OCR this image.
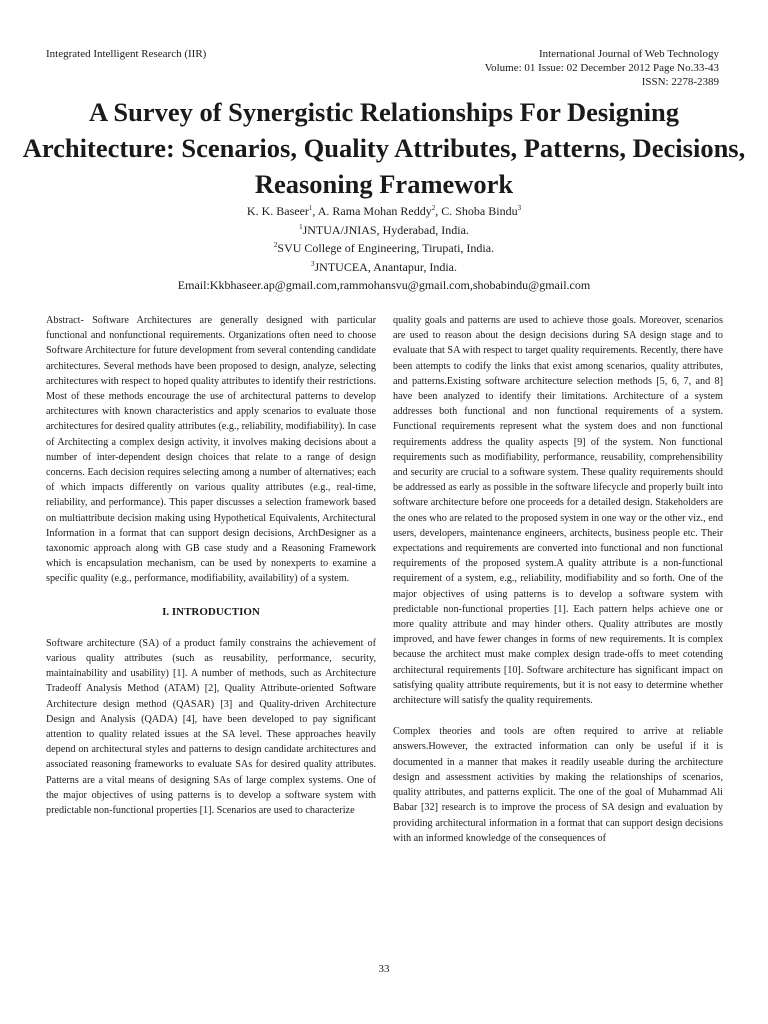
Integrated Intelligent Research (IIR)	International Journal of Web Technology
Volume: 01 Issue: 02 December 2012 Page No.33-43
ISSN: 2278-2389
A Survey of Synergistic Relationships For Designing Architecture: Scenarios, Quality Attributes, Patterns, Decisions, Reasoning Framework
K. K. Baseer$^1$, A. Rama Mohan Reddy$^2$, C. Shoba Bindu$^3$
$^1$JNTUA/JNIAS, Hyderabad, India.
$^2$SVU College of Engineering, Tirupati, India.
$^3$JNTUCEA, Anantapur, India.
Email:Kkbhaseer.ap@gmail.com,rammohansvu@gmail.com,shobabindu@gmail.com

Abstract- Software Architectures are generally designed with particular functional and nonfunctional requirements. Organizations often need to choose Software Architecture for future development from several contending candidate architectures. Several methods have been proposed to design, analyze, selecting architectures with respect to hoped quality attributes to identify their restrictions. Most of these methods encourage the use of architectural patterns to develop architectures with known characteristics and apply scenarios to evaluate those architectures for desired quality attributes (e.g., reliability, modifiability). In case of Architecting a complex design activity, it involves making decisions about a number of inter-dependent design choices that relate to a range of design concerns. Each decision requires selecting among a number of alternatives; each of which impacts differently on various quality attributes (e.g., real-time, reliability, and performance). This paper discusses a selection framework based on multiattribute decision making using Hypothetical Equivalents, Architectural Information in a format that can support design decisions, ArchDesigner as a taxonomic approach along with GB case study and a Reasoning Framework which is encapsulation mechanism, can be used by nonexperts to examine a specific quality (e.g., performance, modifiability, availability) of a system.

I. INTRODUCTION

Software architecture (SA) of a product family constrains the achievement of various quality attributes (such as reusability, performance, security, maintainability and usability) [1]. A number of methods, such as Architecture Tradeoff Analysis Method (ATAM) [2], Quality Attribute-oriented Software Architecture design method (QASAR) [3] and Quality-driven Architecture Design and Analysis (QADA) [4], have been developed to pay significant attention to quality related issues at the SA level. These approaches heavily depend on architectural styles and patterns to design candidate architectures and associated reasoning frameworks to evaluate SAs for desired quality attributes. Patterns are a vital means of designing SAs of large complex systems. One of the major objectives of using patterns is to develop a software system with predictable non-functional properties [1]. Scenarios are used to characterize

quality goals and patterns are used to achieve those goals. Moreover, scenarios are used to reason about the design decisions during SA design stage and to evaluate that SA with respect to target quality requirements. Recently, there have been attempts to codify the links that exist among scenarios, quality attributes, and patterns.Existing software architecture selection methods [5, 6, 7, and 8] have been analyzed to identify their limitations. Architecture of a system addresses both functional and non functional requirements of a system. Functional requirements represent what the system does and non functional requirements address the quality aspects [9] of the system. Non functional requirements such as modifiability, performance, reusability, comprehensibility and security are crucial to a software system. These quality requirements should be addressed as early as possible in the software lifecycle and properly built into software architecture before one proceeds for a detailed design. Stakeholders are the ones who are related to the proposed system in one way or the other viz., end users, developers, maintenance engineers, architects, business people etc. Their expectations and requirements are converted into functional and non functional requirements of the proposed system.A quality attribute is a non-functional requirement of a system, e.g., reliability, modifiability and so forth. One of the major objectives of using patterns is to develop a software system with predictable non-functional properties [1]. Each pattern helps achieve one or more quality attribute and may hinder others. Quality attributes are mostly improved, and have fewer changes in forms of new requirements. It is complex because the architect must make complex design trade-offs to meet cotending architectural requirements [10]. Software architecture has significant impact on satisfying quality attribute requirements, but it is not easy to determine whether architecture will satisfy the quality requirements.

Complex theories and tools are often required to arrive at reliable answers.However, the extracted information can only be useful if it is documented in a manner that makes it readily useable during the architecture design and assessment activities by making the relationships of scenarios, quality attributes, and patterns explicit. The one of the goal of Muhammad Ali Babar [32] research is to improve the process of SA design and evaluation by providing architectural information in a format that can support design decisions with an informed knowledge of the consequences of

33
